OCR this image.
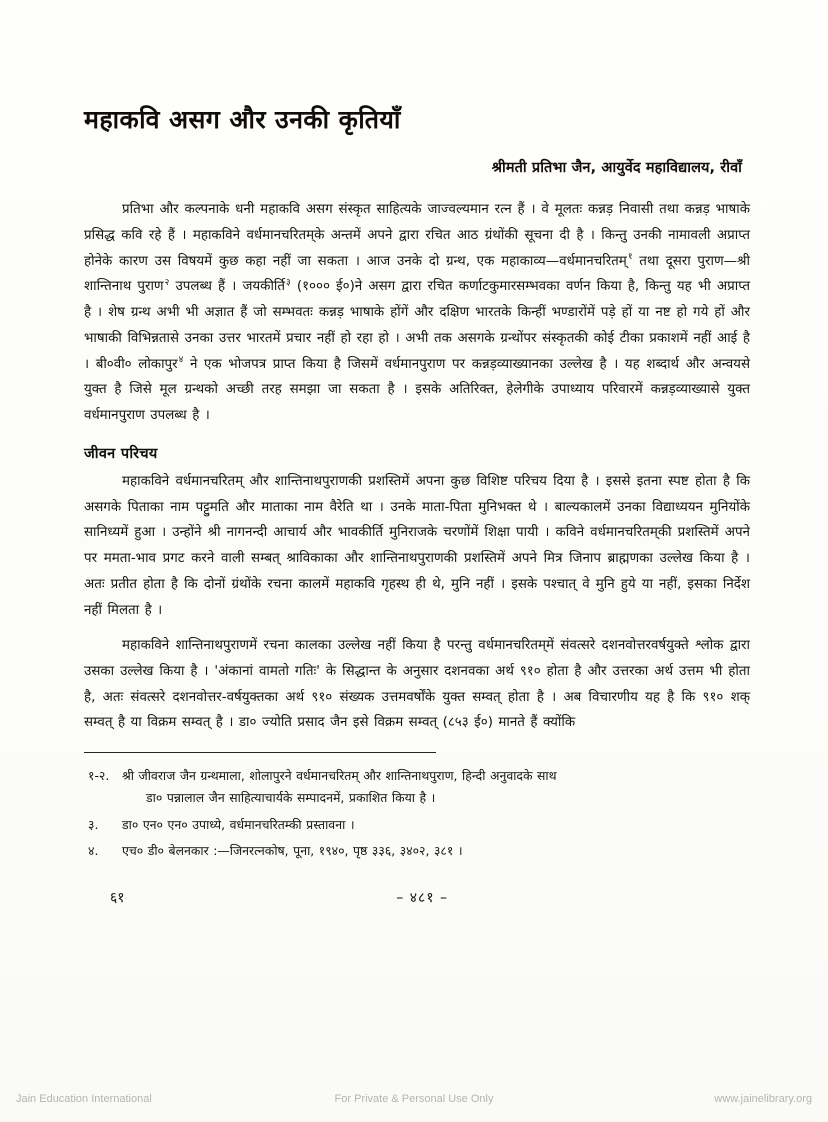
महाकवि असग और उनकी कृतियाँ
श्रीमती प्रतिभा जैन, आयुर्वेद महाविद्यालय, रीवाँ

प्रतिभा और कल्पनाके धनी महाकवि असग संस्कृत साहित्यके जाज्वल्यमान रत्न हैं । वे मूलतः कन्नड़ निवासी तथा कन्नड़ भाषाके प्रसिद्ध कवि रहे हैं । महाकविने वर्धमानचरितम्‌के अन्तमें अपने द्वारा रचित आठ ग्रंथोंकी सूचना दी है । किन्तु उनकी नामावली अप्राप्त होनेके कारण उस विषयमें कुछ कहा नहीं जा सकता । आज उनके दो ग्रन्थ, एक महाकाव्य—वर्धमानचरितम्‌$^१$ तथा दूसरा पुराण—श्री शान्तिनाथ पुराण$^२$ उपलब्ध हैं । जयकीर्ति$^३$ (१००० ई०)ने असग द्वारा रचित कर्णाटकुमारसम्भवका वर्णन किया है, किन्तु यह भी अप्राप्त है । शेष ग्रन्थ अभी भी अज्ञात हैं जो सम्भवतः कन्नड़ भाषाके होंगें और दक्षिण भारतके किन्हीं भण्डारोंमें पड़े हों या नष्ट हो गये हों और भाषाकी विभिन्नतासे उनका उत्तर भारतमें प्रचार नहीं हो रहा हो । अभी तक असगके ग्रन्थोंपर संस्कृतकी कोई टीका प्रकाशमें नहीं आई है । बी०वी० लोकापुर$^४$ ने एक भोजपत्र प्राप्त किया है जिसमें वर्धमानपुराण पर कन्नड़व्याख्यानका उल्लेख है । यह शब्दार्थ और अन्वयसे युक्त है जिसे मूल ग्रन्थको अच्छी तरह समझा जा सकता है । इसके अतिरिक्त, हेलेगीके उपाध्याय परिवारमें कन्नड़व्याख्यासे युक्त वर्धमानपुराण उपलब्ध है ।

जीवन परिचय

महाकविने वर्धमानचरितम्‌ और शान्तिनाथपुराणकी प्रशस्तिमें अपना कुछ विशिष्ट परिचय दिया है । इससे इतना स्पष्ट होता है कि असगके पिताका नाम पट्टुमति और माताका नाम वैरेति था । उनके माता-पिता मुनिभक्त थे । बाल्यकालमें उनका विद्याध्ययन मुनियोंके सानिध्यमें हुआ । उन्होंने श्री नागनन्दी आचार्य और भावकीर्ति मुनिराजके चरणोंमें शिक्षा पायी । कविने वर्धमानचरितम्‌की प्रशस्तिमें अपने पर ममता-भाव प्रगट करने वाली सम्बत् श्राविकाका और शान्तिनाथपुराणकी प्रशस्तिमें अपने मित्र जिनाप ब्राह्मणका उल्लेख किया है । अतः प्रतीत होता है कि दोनों ग्रंथोंके रचना कालमें महाकवि गृहस्थ ही थे, मुनि नहीं । इसके पश्चात् वे मुनि हुये या नहीं, इसका निर्देश नहीं मिलता है ।

महाकविने शान्तिनाथपुराणमें रचना कालका उल्लेख नहीं किया है परन्तु वर्धमानचरितम्‌में संवत्सरे दशनवोत्तरवर्षयुक्ते श्लोक द्वारा उसका उल्लेख किया है । 'अंकानां वामतो गतिः' के सिद्धान्त के अनुसार दशनवका अर्थ ९१० होता है और उत्तरका अर्थ उत्तम भी होता है, अतः संवत्सरे दशनवोत्तर-वर्षयुक्तका अर्थ ९१० संख्यक उत्तमवर्षोंके युक्त सम्वत् होता है । अब विचारणीय यह है कि ९१० शक् सम्वत् है या विक्रम सम्वत् है । डा० ज्योति प्रसाद जैन इसे विक्रम सम्वत् (८५३ ई०) मानते हैं क्योंकि

१-२.	श्री जीवराज जैन ग्रन्थमाला, शोलापुरने वर्धमानचरितम् और शान्तिनाथपुराण, हिन्दी अनुवादके साथ
डा० पन्नालाल जैन साहित्याचार्यके सम्पादनमें, प्रकाशित किया है ।
३.	डा० एन० एन० उपाध्ये, वर्धमानचरितम्की प्रस्तावना ।
४.	एच० डी० बेलनकार :—जिनरत्नकोष, पूना, १९४०, पृष्ठ ३३६, ३४०२, ३८१ ।
६१	– ४८१ –
Jain Education International	For Private & Personal Use Only	www.jainelibrary.org
